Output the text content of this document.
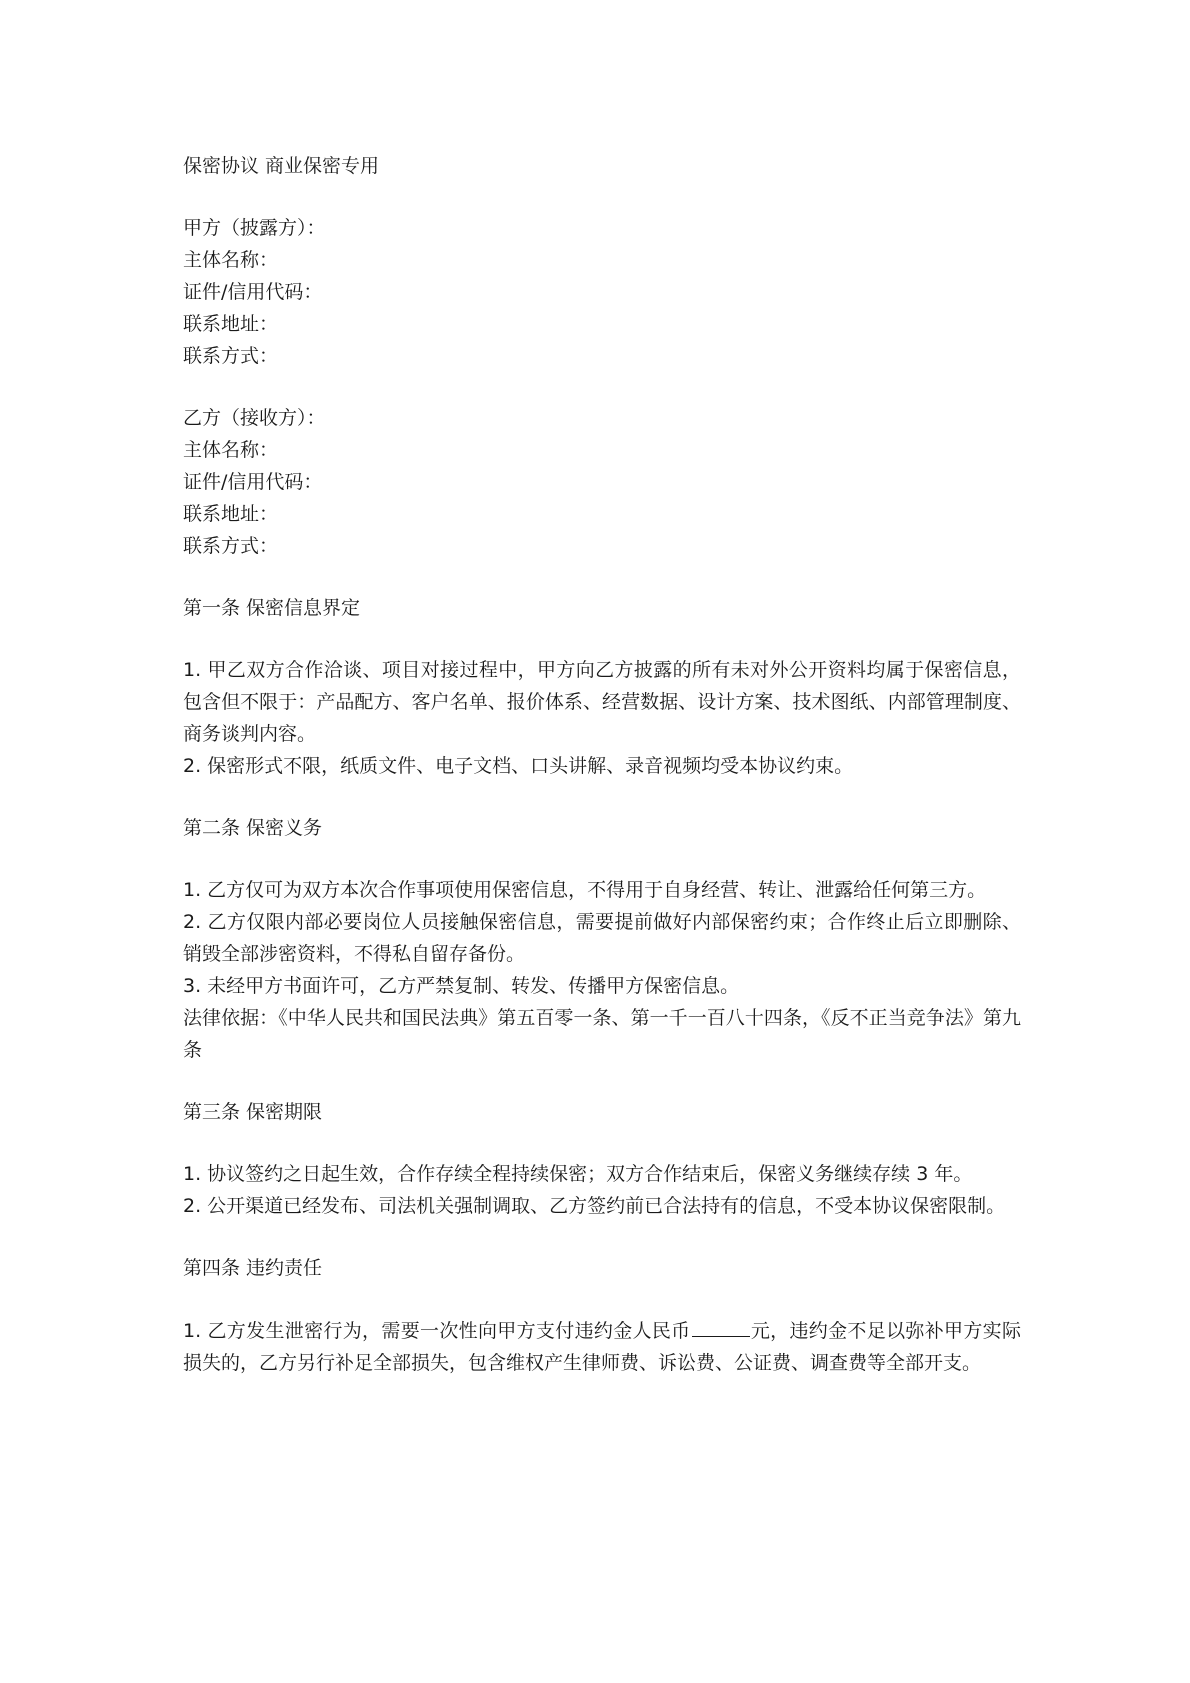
保密协议 商业保密专用

甲方（披露方）：

主体名称：

证件/信用代码：

联系地址：

联系方式：

乙方（接收方）：

主体名称：

证件/信用代码：

联系地址：

联系方式：

第一条 保密信息界定

1. 甲乙双方合作洽谈、项目对接过程中，甲方向乙方披露的所有未对外公开资料均属于保密信息，包含但不限于：产品配方、客户名单、报价体系、经营数据、设计方案、技术图纸、内部管理制度、商务谈判内容。

2. 保密形式不限，纸质文件、电子文档、口头讲解、录音视频均受本协议约束。

第二条 保密义务

1. 乙方仅可为双方本次合作事项使用保密信息，不得用于自身经营、转让、泄露给任何第三方。

2. 乙方仅限内部必要岗位人员接触保密信息，需要提前做好内部保密约束；合作终止后立即删除、销毁全部涉密资料，不得私自留存备份。

3. 未经甲方书面许可，乙方严禁复制、转发、传播甲方保密信息。

法律依据：《中华人民共和国民法典》第五百零一条、第一千一百八十四条，《反不正当竞争法》第九条

第三条 保密期限

1. 协议签约之日起生效，合作存续全程持续保密；双方合作结束后，保密义务继续存续 3 年。

2. 公开渠道已经发布、司法机关强制调取、乙方签约前已合法持有的信息，不受本协议保密限制。

第四条 违约责任

1. 乙方发生泄密行为，需要一次性向甲方支付违约金人民币	元，违约金不足以弥补甲方实际损失的，乙方另行补足全部损失，包含维权产生律师费、诉讼费、公证费、调查费等全部开支。
